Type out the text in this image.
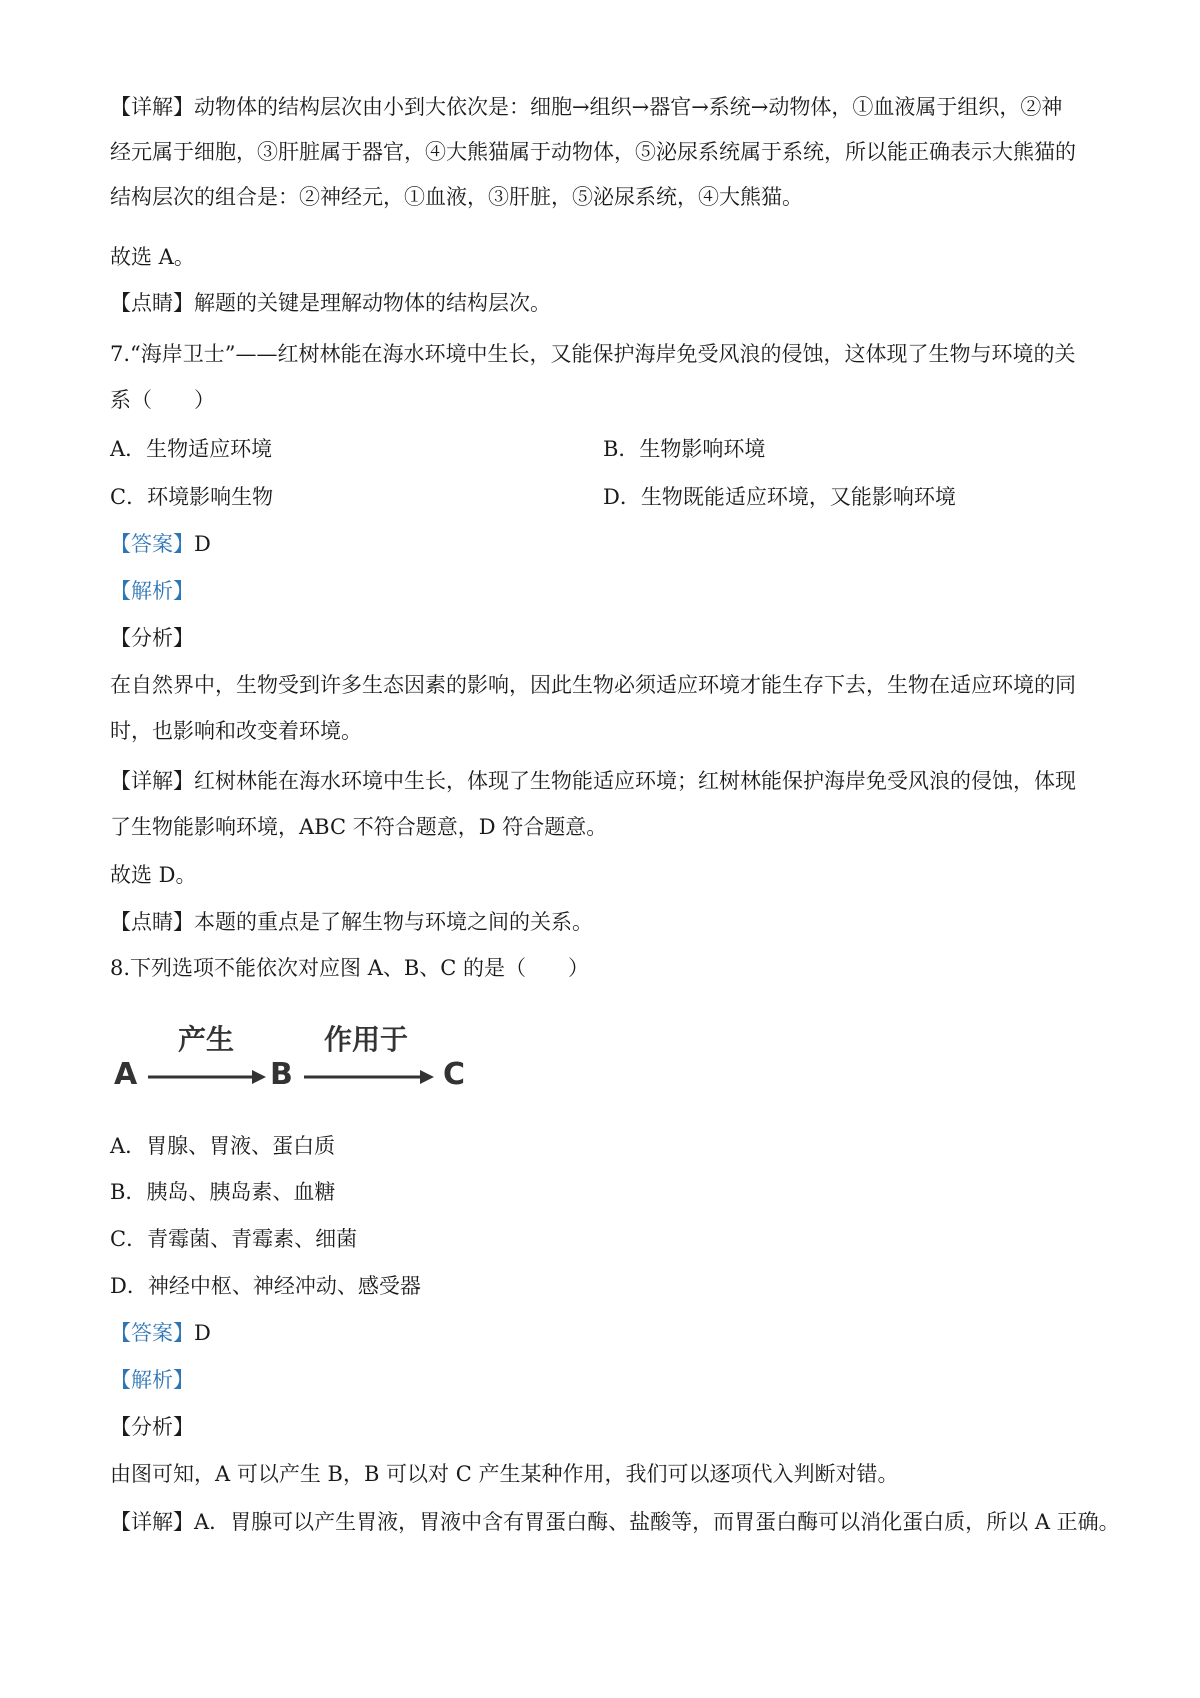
【详解】动物体的结构层次由小到大依次是：细胞→组织→器官→系统→动物体，①血液属于组织，②神
经元属于细胞，③肝脏属于器官，④大熊猫属于动物体，⑤泌尿系统属于系统，所以能正确表示大熊猫的
结构层次的组合是：②神经元，①血液，③肝脏，⑤泌尿系统，④大熊猫。
故选 A。
【点睛】解题的关键是理解动物体的结构层次。
7.“海岸卫士”——红树林能在海水环境中生长，又能保护海岸免受风浪的侵蚀，这体现了生物与环境的关
系（　　）
A．生物适应环境	B．生物影响环境
C．环境影响生物	D．生物既能适应环境，又能影响环境
【答案】D
【解析】
【分析】
在自然界中，生物受到许多生态因素的影响，因此生物必须适应环境才能生存下去，生物在适应环境的同
时，也影响和改变着环境。
【详解】红树林能在海水环境中生长，体现了生物能适应环境；红树林能保护海岸免受风浪的侵蚀，体现
了生物能影响环境，ABC 不符合题意，D 符合题意。
故选 D。
【点睛】本题的重点是了解生物与环境之间的关系。
8.下列选项不能依次对应图 A、B、C 的是（　　）
A
产生
B
作用于
C
A．胃腺、胃液、蛋白质
B．胰岛、胰岛素、血糖
C．青霉菌、青霉素、细菌
D．神经中枢、神经冲动、感受器
【答案】D
【解析】
【分析】
由图可知，A 可以产生 B，B 可以对 C 产生某种作用，我们可以逐项代入判断对错。
【详解】A．胃腺可以产生胃液，胃液中含有胃蛋白酶、盐酸等，而胃蛋白酶可以消化蛋白质，所以 A 正确。
